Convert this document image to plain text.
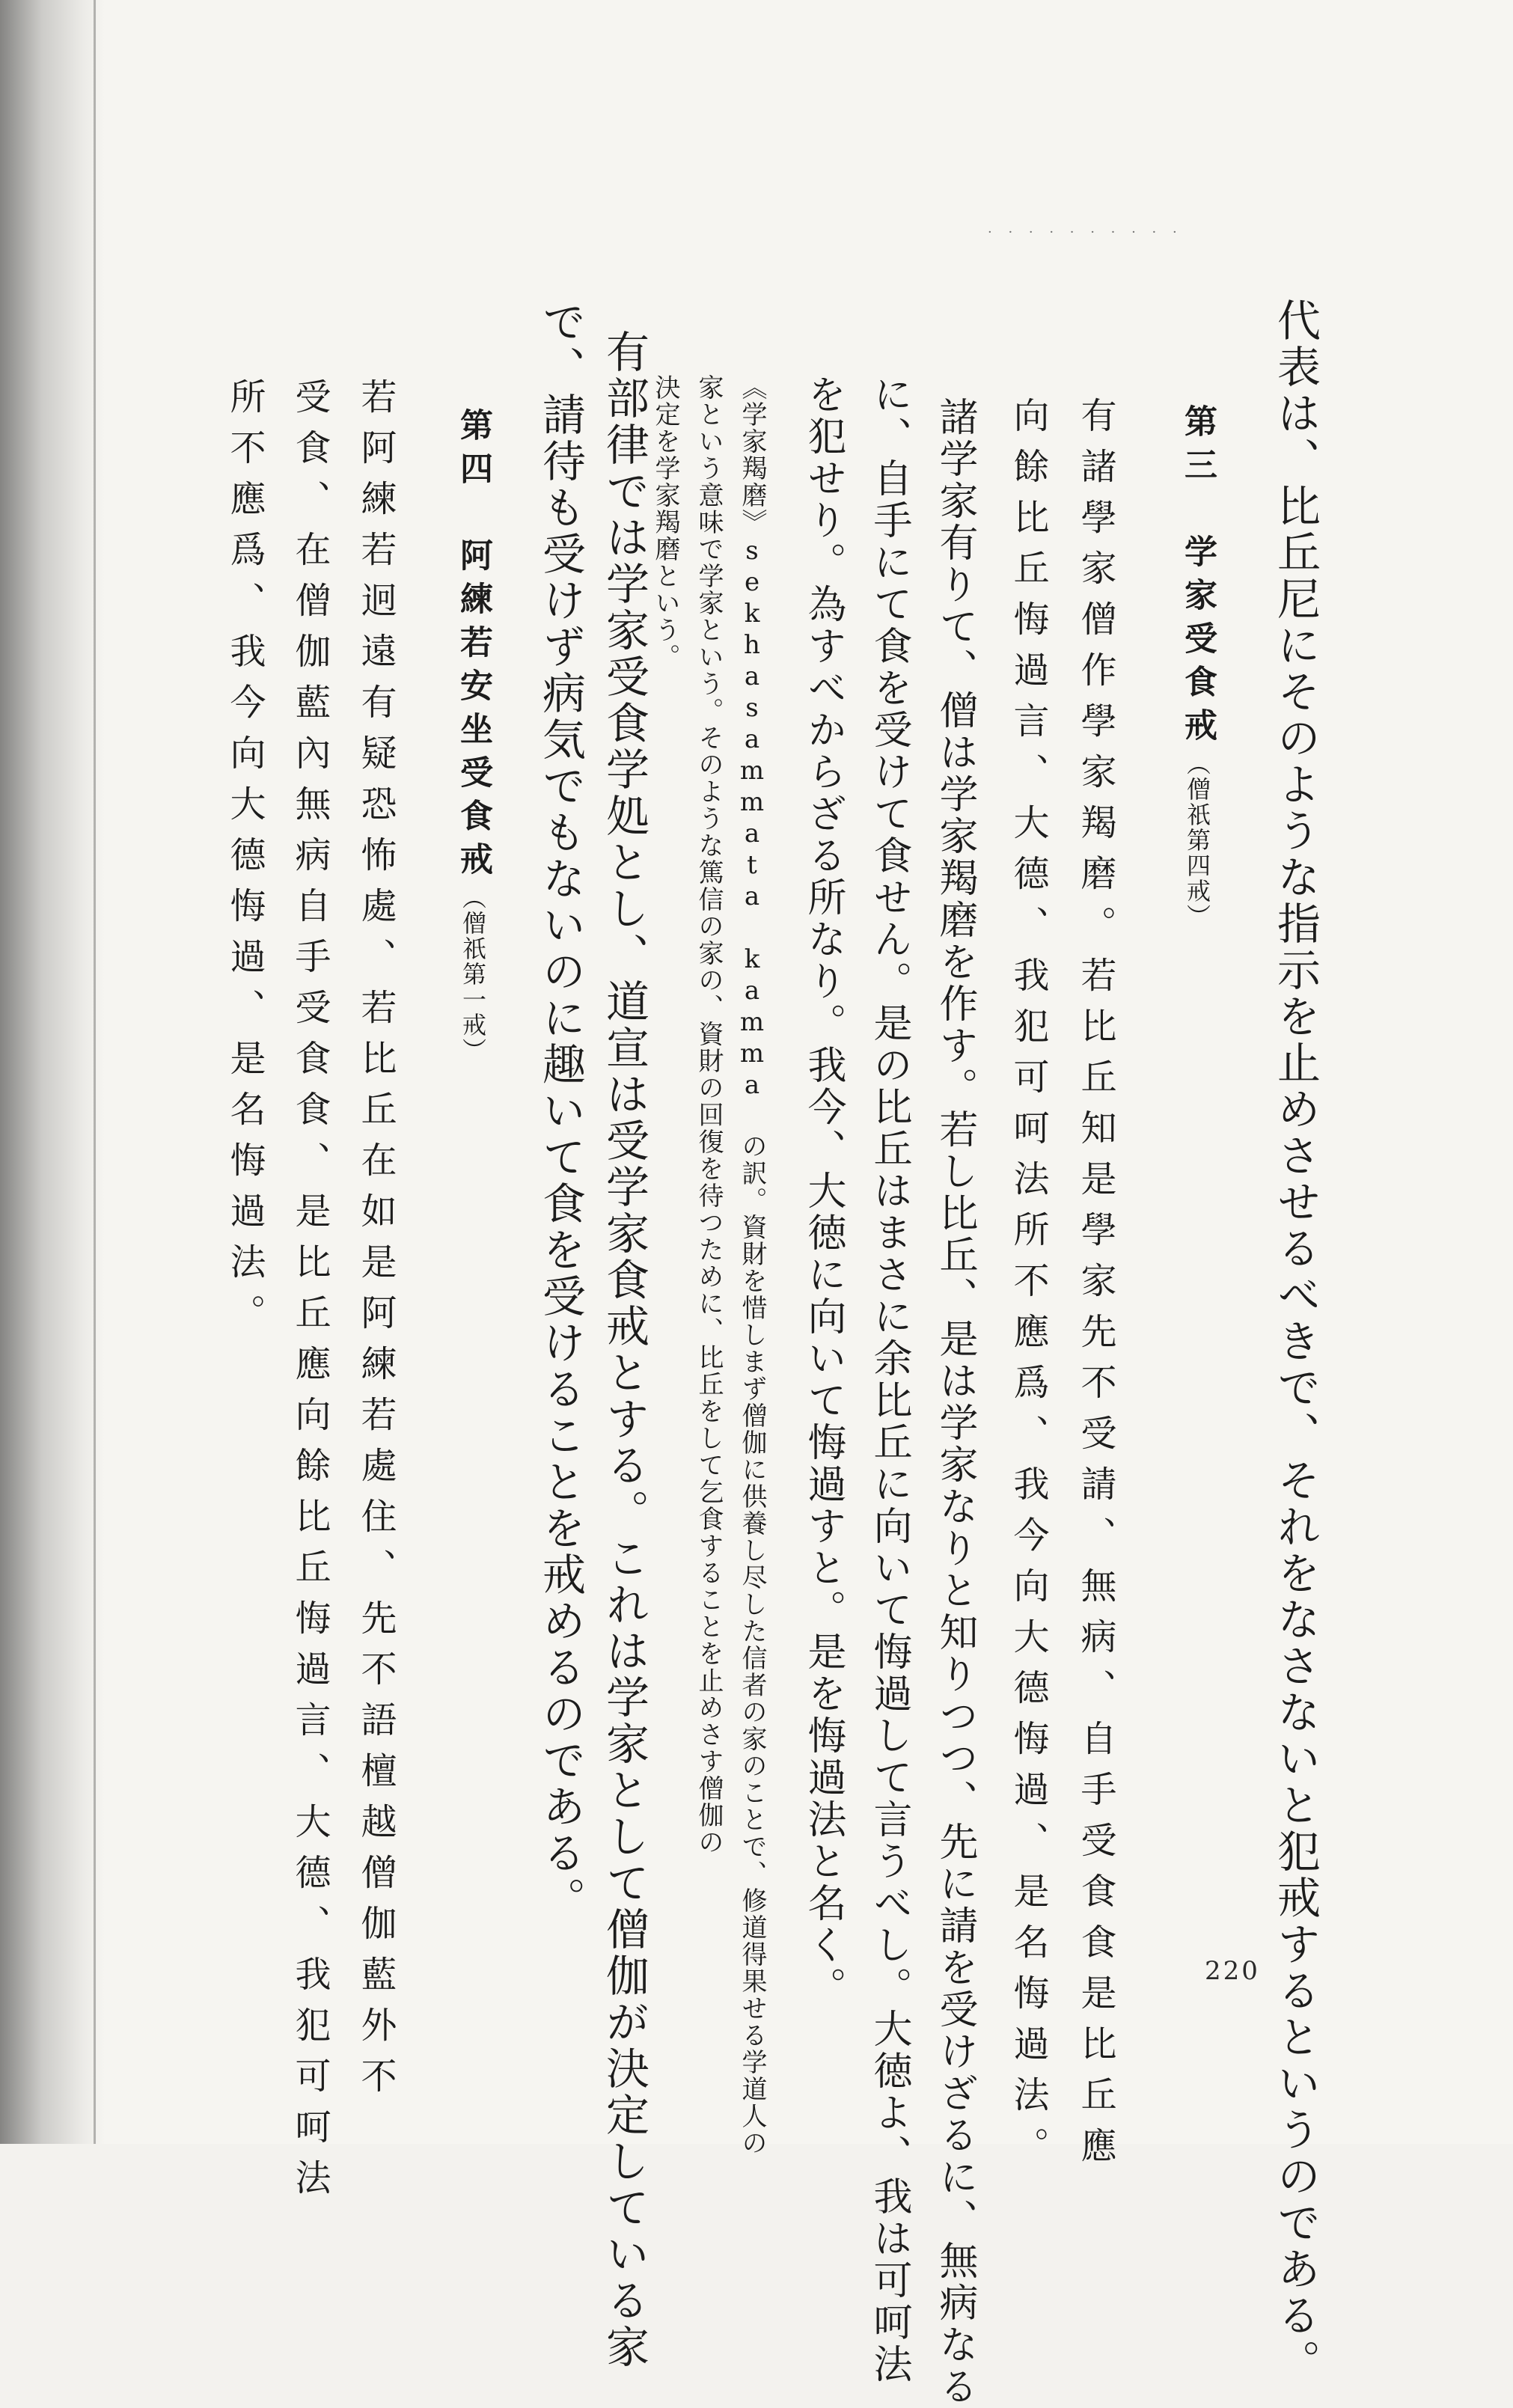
· · · · · · · · · ·
代表は、比丘尼にそのような指示を止めさせるべきで、それをなさないと犯戒するというのである。
第三　学家受食戒（僧祇第四戒）
有諸學家僧作學家羯磨。若比丘知是學家先不受請、無病、自手受食食是比丘應
向餘比丘悔過言、大德、我犯可呵法所不應爲、我今向大德悔過、是名悔過法。
諸学家有りて、僧は学家羯磨を作す。若し比丘、是は学家なりと知りつつ、先に請を受けざるに、無病なる
に、自手にて食を受けて食せん。是の比丘はまさに余比丘に向いて悔過して言うべし。大徳よ、我は可呵法
を犯せり。為すべからざる所なり。我今、大徳に向いて悔過すと。是を悔過法と名く。
《学家羯磨》sekhasammata kamma の訳。資財を惜しまず僧伽に供養し尽した信者の家のことで、修道得果せる学道人の
家という意味で学家という。そのような篤信の家の、資財の回復を待つために、比丘をして乞食することを止めさす僧伽の
決定を学家羯磨という。
有部律では学家受食学処とし、道宣は受学家食戒とする。これは学家として僧伽が決定している家
で、請待も受けず病気でもないのに趣いて食を受けることを戒めるのである。
第四　阿練若安坐受食戒（僧祇第一戒）
若阿練若迥遠有疑恐怖處、若比丘在如是阿練若處住、先不語檀越僧伽藍外不
受食、在僧伽藍內無病自手受食食、是比丘應向餘比丘悔過言、大德、我犯可呵法
所不應爲、我今向大德悔過、是名悔過法。
220
